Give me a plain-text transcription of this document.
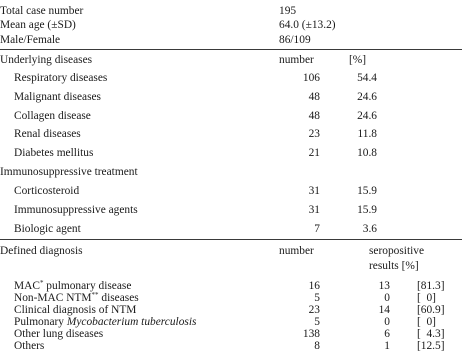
Total case number	195
Mean age (±SD)	64.0 (±13.2)
Male/Female	86/109
Underlying diseases	number	[%]
Respiratory diseases	106	54.4
Malignant diseases	48	24.6
Collagen disease	48	24.6
Renal diseases	23	11.8
Diabetes mellitus	21	10.8
Immunosuppressive treatment
Corticosteroid	31	15.9
Immunosuppressive agents	31	15.9
Biologic agent	7	3.6
Defined diagnosis	number	seropositive
results [%]
MAC* pulmonary disease	16	13 [81.3]
Non-MAC NTM** diseases	5	0 [  0]
Clinical diagnosis of NTM	23	14 [60.9]
Pulmonary Mycobacterium tuberculosis	5	0 [  0]
Other lung diseases	138	6 [  4.3]
Others	8	1 [12.5]
